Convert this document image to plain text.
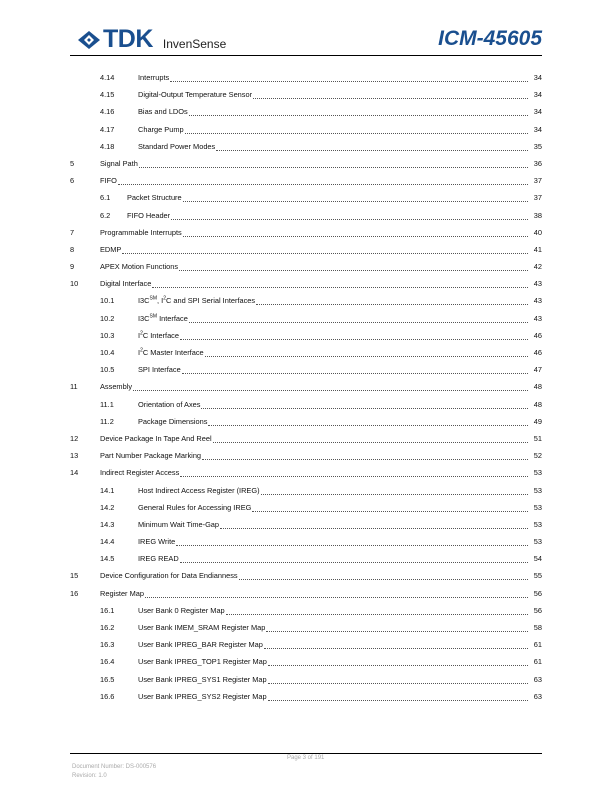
TDK InvenSense	ICM-45605
4.14	Interrupts	34
4.15	Digital-Output Temperature Sensor	34
4.16	Bias and LDOs	34
4.17	Charge Pump	34
4.18	Standard Power Modes	35
5	Signal Path	36
6	FIFO	37
6.1 Packet Structure	37
6.2 FIFO Header	38
7	Programmable Interrupts	40
8	EDMP	41
9	APEX Motion Functions	42
10	Digital Interface	43
10.1	I3C℠, $I^2C$ and SPI Serial Interfaces	43
10.2	I3C℠ Interface	43
10.3	$I^2C$ Interface	46
10.4	$I^2C$ Master Interface	46
10.5	SPI Interface	47
11	Assembly	48
11.1	Orientation of Axes	48
11.2	Package Dimensions	49
12	Device Package In Tape And Reel	51
13	Part Number Package Marking	52
14	Indirect Register Access	53
14.1	Host Indirect Access Register (IREG)	53
14.2	General Rules for Accessing IREG	53
14.3	Minimum Wait Time-Gap	53
14.4	IREG Write	53
14.5	IREG READ	54
15	Device Configuration for Data Endianness	55
16	Register Map	56
16.1	User Bank 0 Register Map	56
16.2	User Bank IMEM_SRAM Register Map	58
16.3	User Bank IPREG_BAR Register Map	61
16.4	User Bank IPREG_TOP1 Register Map	61
16.5	User Bank IPREG_SYS1 Register Map	63
16.6	User Bank IPREG_SYS2 Register Map	63
Page 3 of 191
Document Number: DS-000576
Revision: 1.0
